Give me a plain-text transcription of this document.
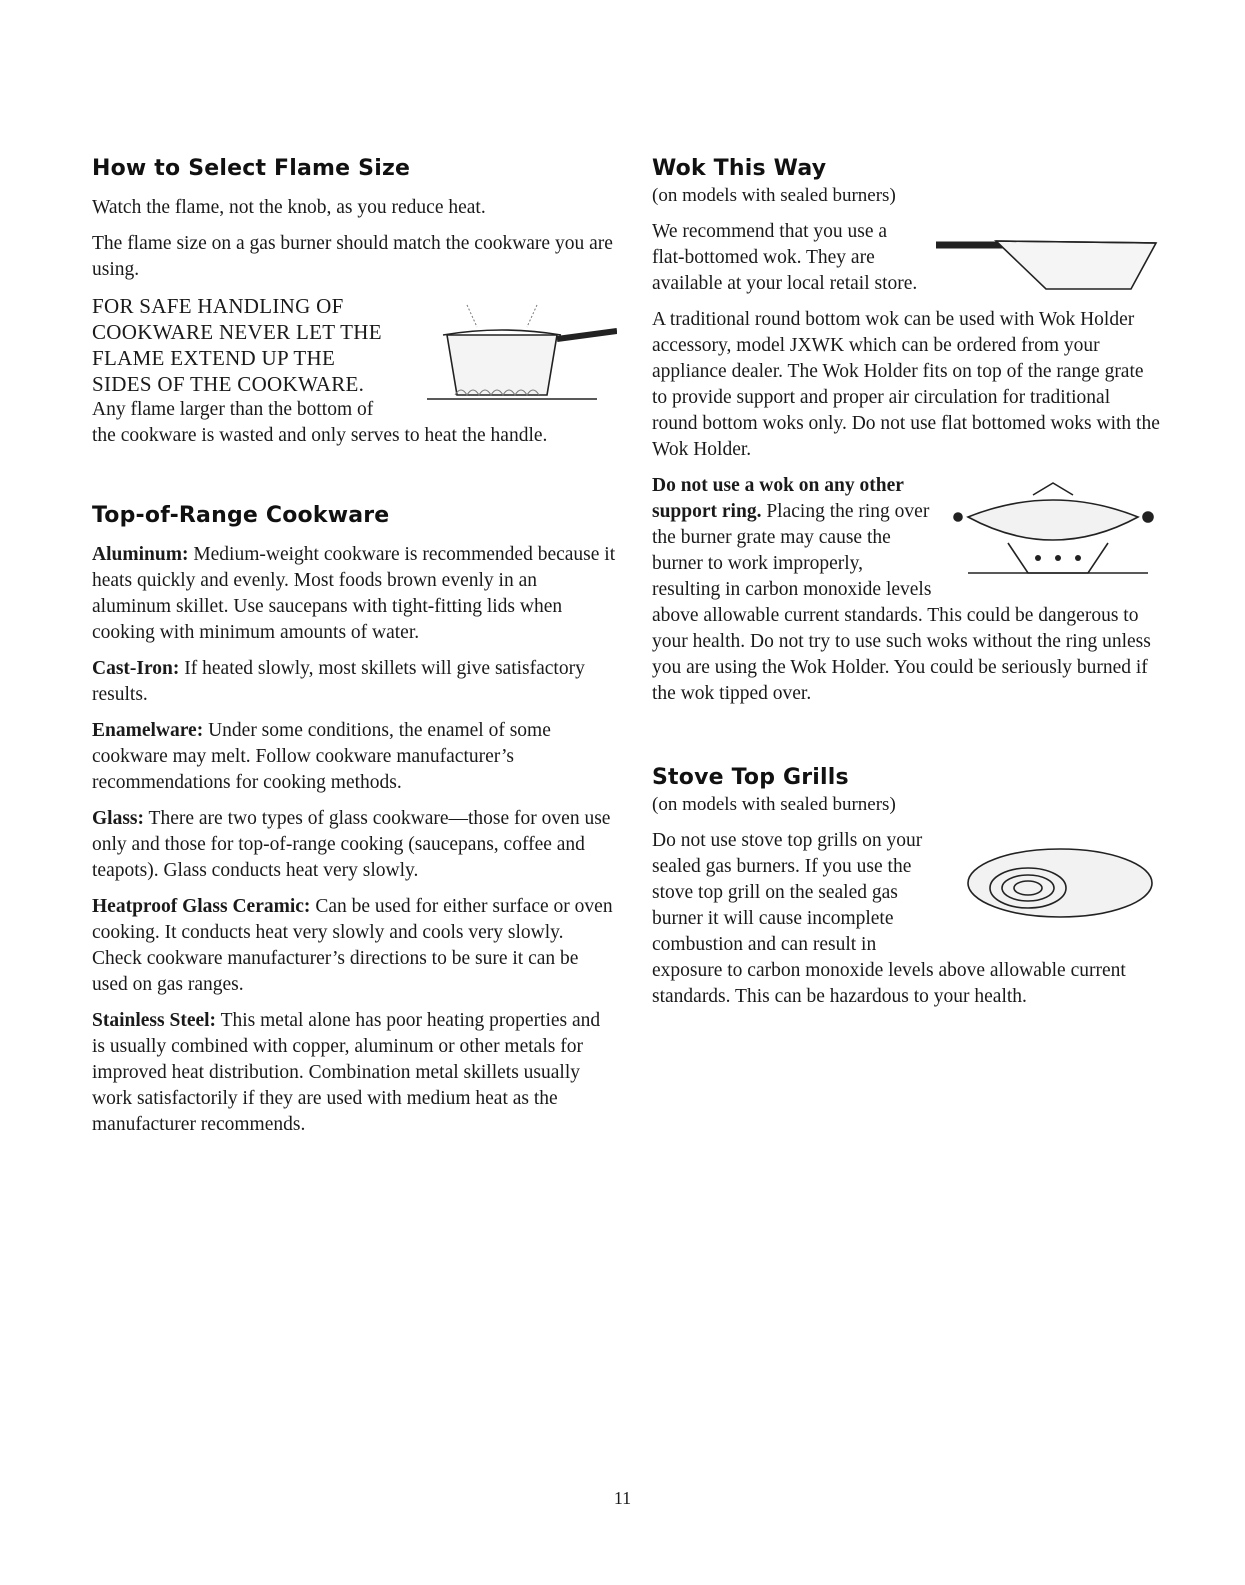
How to Select Flame Size

Watch the flame, not the knob, as you reduce heat.

The flame size on a gas burner should match the cookware you are using.

FOR SAFE HANDLING OF COOKWARE NEVER LET THE FLAME EXTEND UP THE SIDES OF THE COOKWARE.

Any flame larger than the bottom of the cookware is wasted and only serves to heat the handle.

Top-of-Range Cookware

Aluminum: Medium-weight cookware is recommended because it heats quickly and evenly. Most foods brown evenly in an aluminum skillet. Use saucepans with tight-fitting lids when cooking with minimum amounts of water.

Cast-Iron: If heated slowly, most skillets will give satisfactory results.

Enamelware: Under some conditions, the enamel of some cookware may melt. Follow cookware manufacturer’s recommendations for cooking methods.

Glass: There are two types of glass cookware—those for oven use only and those for top-of-range cooking (saucepans, coffee and teapots). Glass conducts heat very slowly.

Heatproof Glass Ceramic: Can be used for either surface or oven cooking. It conducts heat very slowly and cools very slowly. Check cookware manufacturer’s directions to be sure it can be used on gas ranges.

Stainless Steel: This metal alone has poor heating properties and is usually combined with copper, aluminum or other metals for improved heat distribution. Combination metal skillets usually work satisfactorily if they are used with medium heat as the manufacturer recommends.

Wok This Way
(on models with sealed burners)

We recommend that you use a flat-bottomed wok. They are available at your local retail store.

A traditional round bottom wok can be used with Wok Holder accessory, model JXWK which can be ordered from your appliance dealer. The Wok Holder fits on top of the range grate to provide support and proper air circulation for traditional round bottom woks only. Do not use flat bottomed woks with the Wok Holder.

Do not use a wok on any other support ring. Placing the ring over the burner grate may cause the burner to work improperly, resulting in carbon monoxide levels above allowable current standards. This could be dangerous to your health. Do not try to use such woks without the ring unless you are using the Wok Holder. You could be seriously burned if the wok tipped over.

Stove Top Grills
(on models with sealed burners)

Do not use stove top grills on your sealed gas burners. If you use the stove top grill on the sealed gas burner it will cause incomplete combustion and can result in exposure to carbon monoxide levels above allowable current standards. This can be hazardous to your health.

11
